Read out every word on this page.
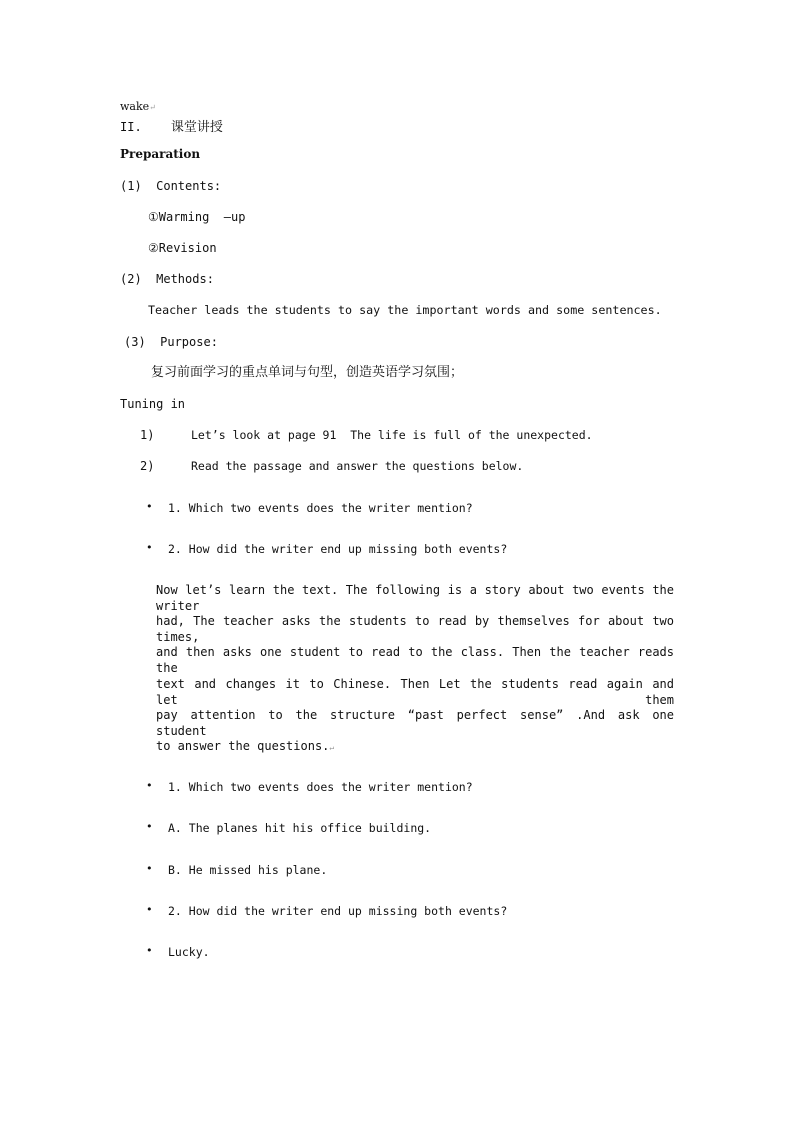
wake↵
II. 课堂讲授
Preparation
(1)  Contents:
①Warming  –up
②Revision
(2)  Methods:
Teacher leads the students to say the important words and some sentences.
(3)  Purpose:
复习前面学习的重点单词与句型，创造英语学习氛围；
Tuning in
1)	Let’s look at page 91  The life is full of the unexpected.
2)	Read the passage and answer the questions below.
• 1. Which two events does the writer mention?
• 2. How did the writer end up missing both events?
Now let’s learn the text. The following is a story about two events the writer
had, The teacher asks the students to read by themselves for about two times,
and then asks one student to read to the class. Then the teacher reads the
text and changes it to Chinese. Then Let the students read again and let them
pay attention to the structure “past perfect sense” .And ask one student
to answer the questions.↵
• 1. Which two events does the writer mention?
• A. The planes hit his office building.
• B. He missed his plane.
• 2. How did the writer end up missing both events?
• Lucky.
